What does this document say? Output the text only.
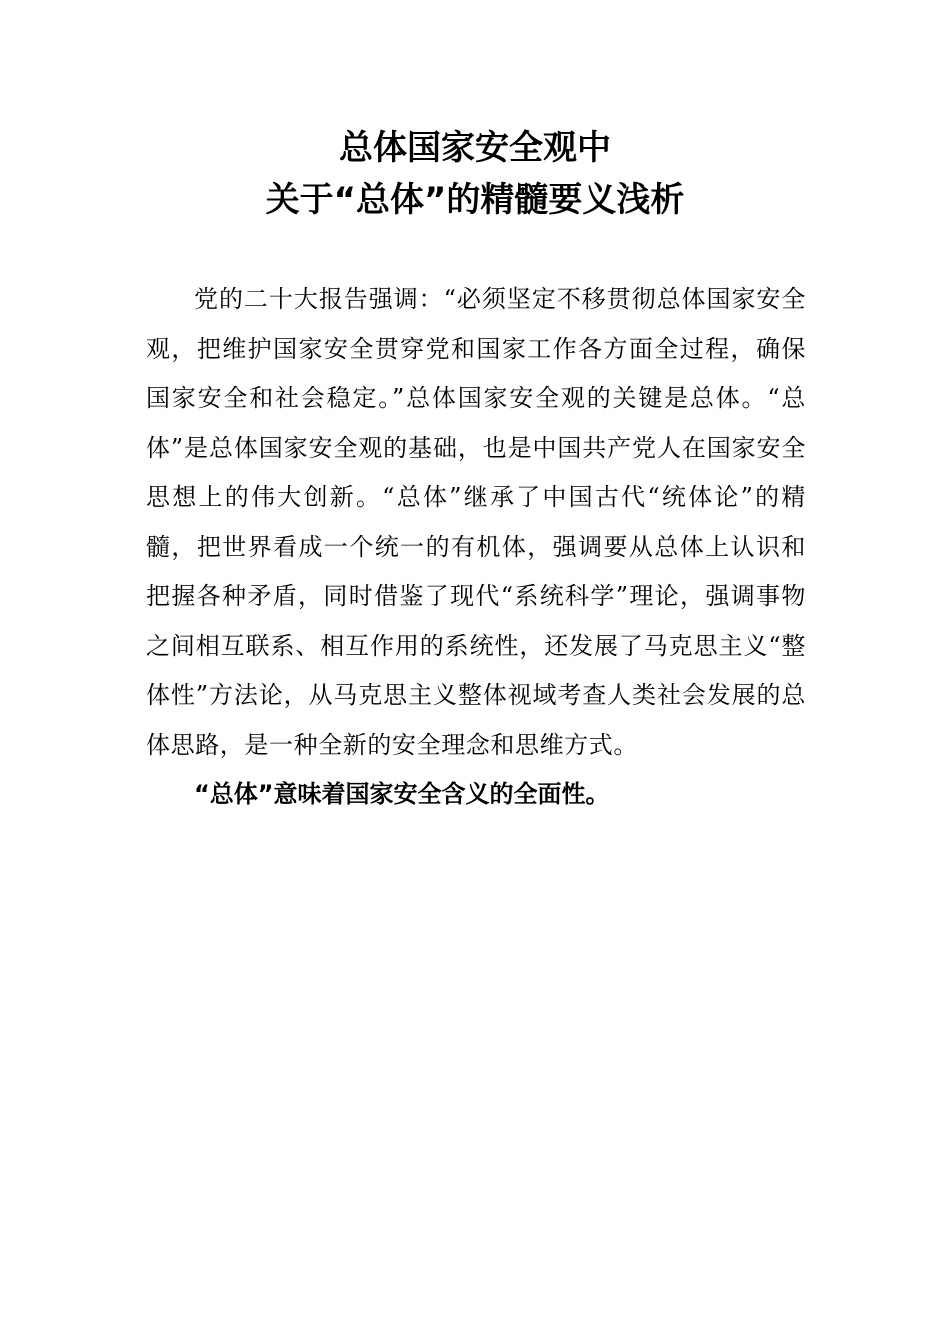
总体国家安全观中
关于“总体”的精髓要义浅析

党的二十大报告强调：“必须坚定不移贯彻总体国家安全观，把维护国家安全贯穿党和国家工作各方面全过程，确保国家安全和社会稳定。”总体国家安全观的关键是总体。“总体”是总体国家安全观的基础，也是中国共产党人在国家安全思想上的伟大创新。“总体”继承了中国古代“统体论”的精髓，把世界看成一个统一的有机体，强调要从总体上认识和把握各种矛盾，同时借鉴了现代“系统科学”理论，强调事物之间相互联系、相互作用的系统性，还发展了马克思主义“整体性”方法论，从马克思主义整体视域考查人类社会发展的总体思路，是一种全新的安全理念和思维方式。

“总体”意味着国家安全含义的全面性。
